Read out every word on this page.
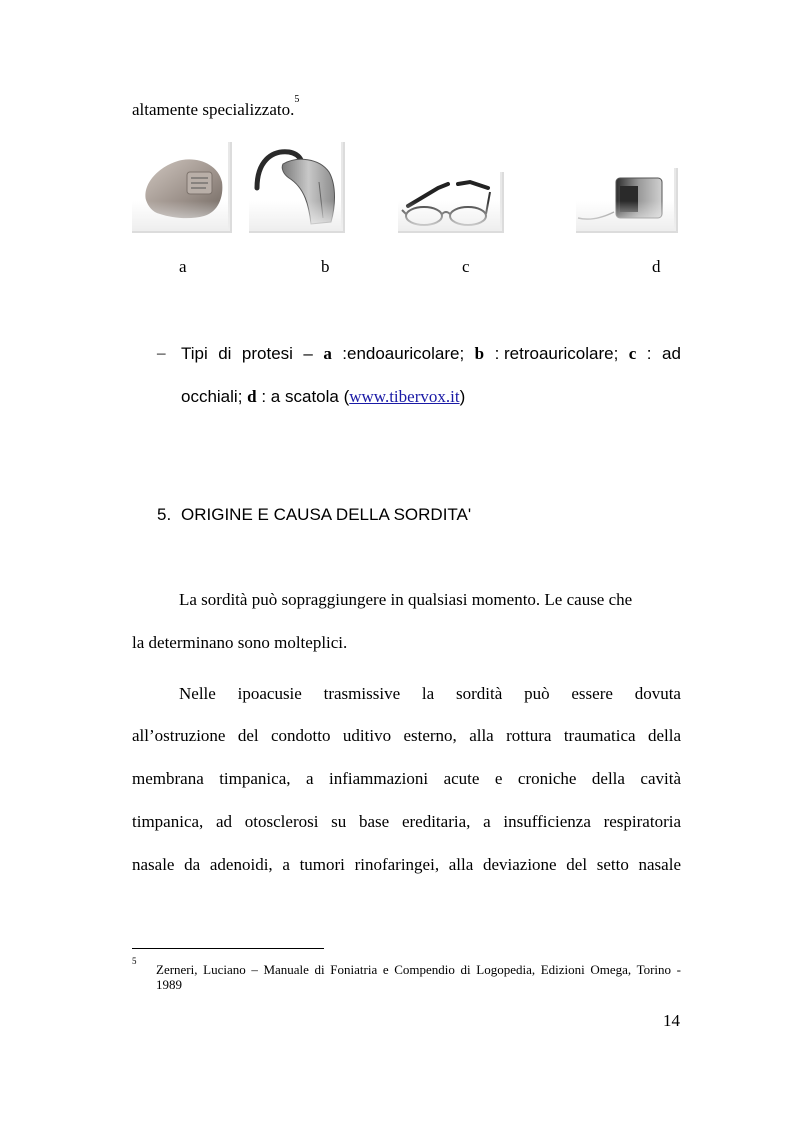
altamente specializzato.$^5$
a	b	c	d
– Tipi di protesi – a :endoauricolare; b : retroauricolare; c : ad
occhiali; d : a scatola (www.tibervox.it)
5. ORIGINE E CAUSA DELLA SORDITA'
La sordità può sopraggiungere in qualsiasi momento. Le cause che
la determinano sono molteplici.
Nelle ipoacusie trasmissive la sordità può essere dovuta
all’ostruzione del condotto uditivo esterno, alla rottura traumatica della
membrana timpanica, a infiammazioni acute e croniche della cavità
timpanica, ad otosclerosi su base ereditaria, a insufficienza respiratoria
nasale da adenoidi, a tumori rinofaringei, alla deviazione del setto nasale
5
Zerneri, Luciano – Manuale di Foniatria e Compendio di Logopedia, Edizioni Omega, Torino -
1989
14
